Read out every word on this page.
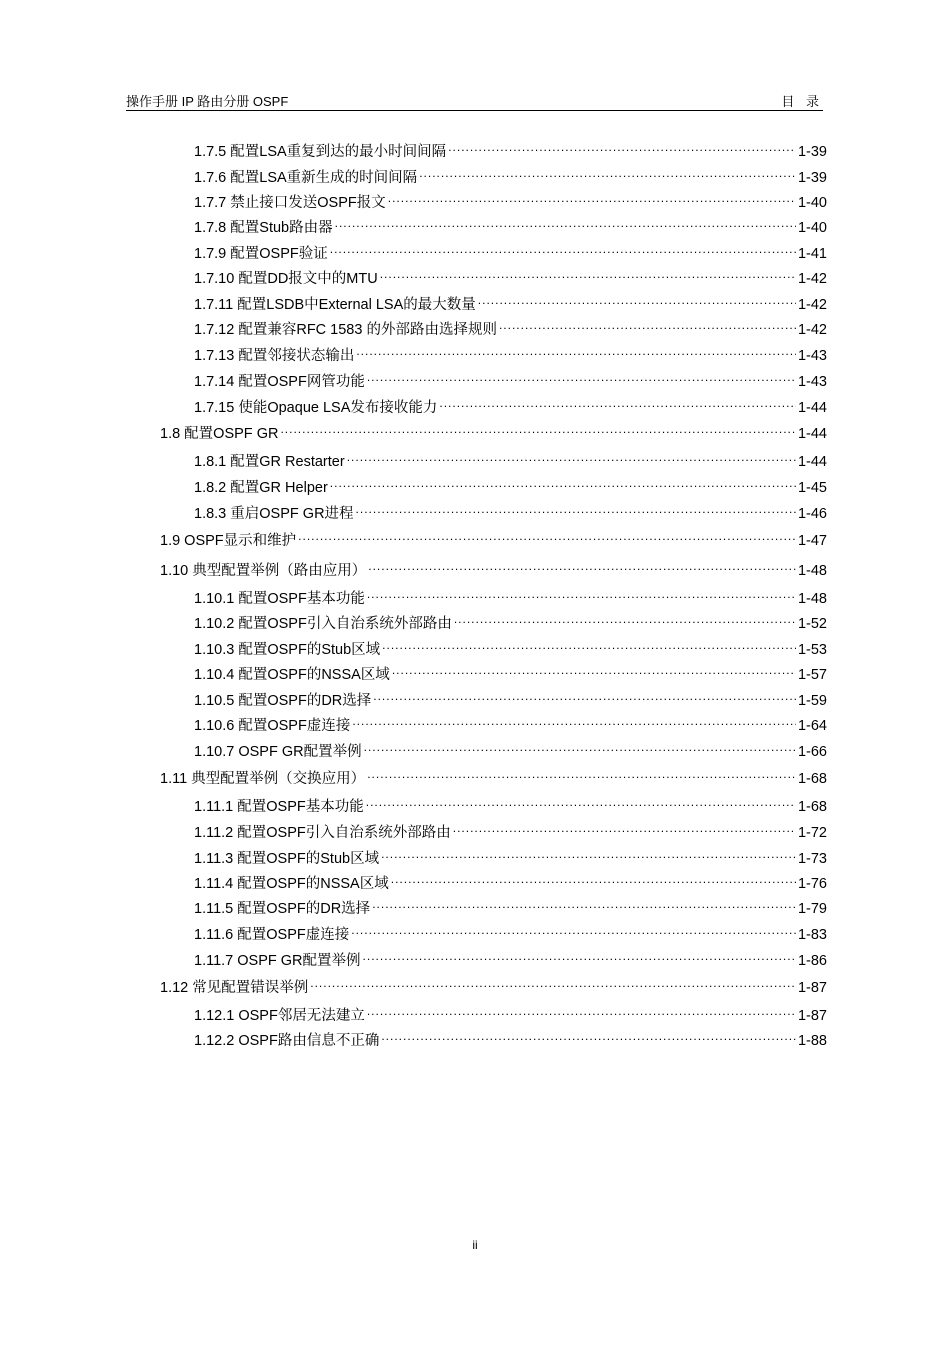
操作手册 IP 路由分册 OSPF	目 录
1.7.5 配置LSA重复到达的最小时间间隔 .....	1-39
1.7.6 配置LSA重新生成的时间间隔 .....	1-39
1.7.7 禁止接口发送OSPF报文 .....	1-40
1.7.8 配置Stub路由器 .....	1-40
1.7.9 配置OSPF验证 .....	1-41
1.7.10 配置DD报文中的MTU .....	1-42
1.7.11 配置LSDB中External LSA的最大数量 .....	1-42
1.7.12 配置兼容RFC 1583 的外部路由选择规则 .....	1-42
1.7.13 配置邻接状态输出 .....	1-43
1.7.14 配置OSPF网管功能 .....	1-43
1.7.15 使能Opaque LSA发布接收能力 .....	1-44
1.8 配置OSPF GR .....	1-44
1.8.1 配置GR Restarter .....	1-44
1.8.2 配置GR Helper .....	1-45
1.8.3 重启OSPF GR进程 .....	1-46
1.9 OSPF显示和维护 .....	1-47
1.10 典型配置举例（路由应用） .....	1-48
1.10.1 配置OSPF基本功能 .....	1-48
1.10.2 配置OSPF引入自治系统外部路由 .....	1-52
1.10.3 配置OSPF的Stub区域 .....	1-53
1.10.4 配置OSPF的NSSA区域 .....	1-57
1.10.5 配置OSPF的DR选择 .....	1-59
1.10.6 配置OSPF虚连接 .....	1-64
1.10.7 OSPF GR配置举例 .....	1-66
1.11 典型配置举例（交换应用） .....	1-68
1.11.1 配置OSPF基本功能 .....	1-68
1.11.2 配置OSPF引入自治系统外部路由 .....	1-72
1.11.3 配置OSPF的Stub区域 .....	1-73
1.11.4 配置OSPF的NSSA区域 .....	1-76
1.11.5 配置OSPF的DR选择 .....	1-79
1.11.6 配置OSPF虚连接 .....	1-83
1.11.7 OSPF GR配置举例 .....	1-86
1.12 常见配置错误举例 .....	1-87
1.12.1 OSPF邻居无法建立 .....	1-87
1.12.2 OSPF路由信息不正确 .....	1-88
ii
